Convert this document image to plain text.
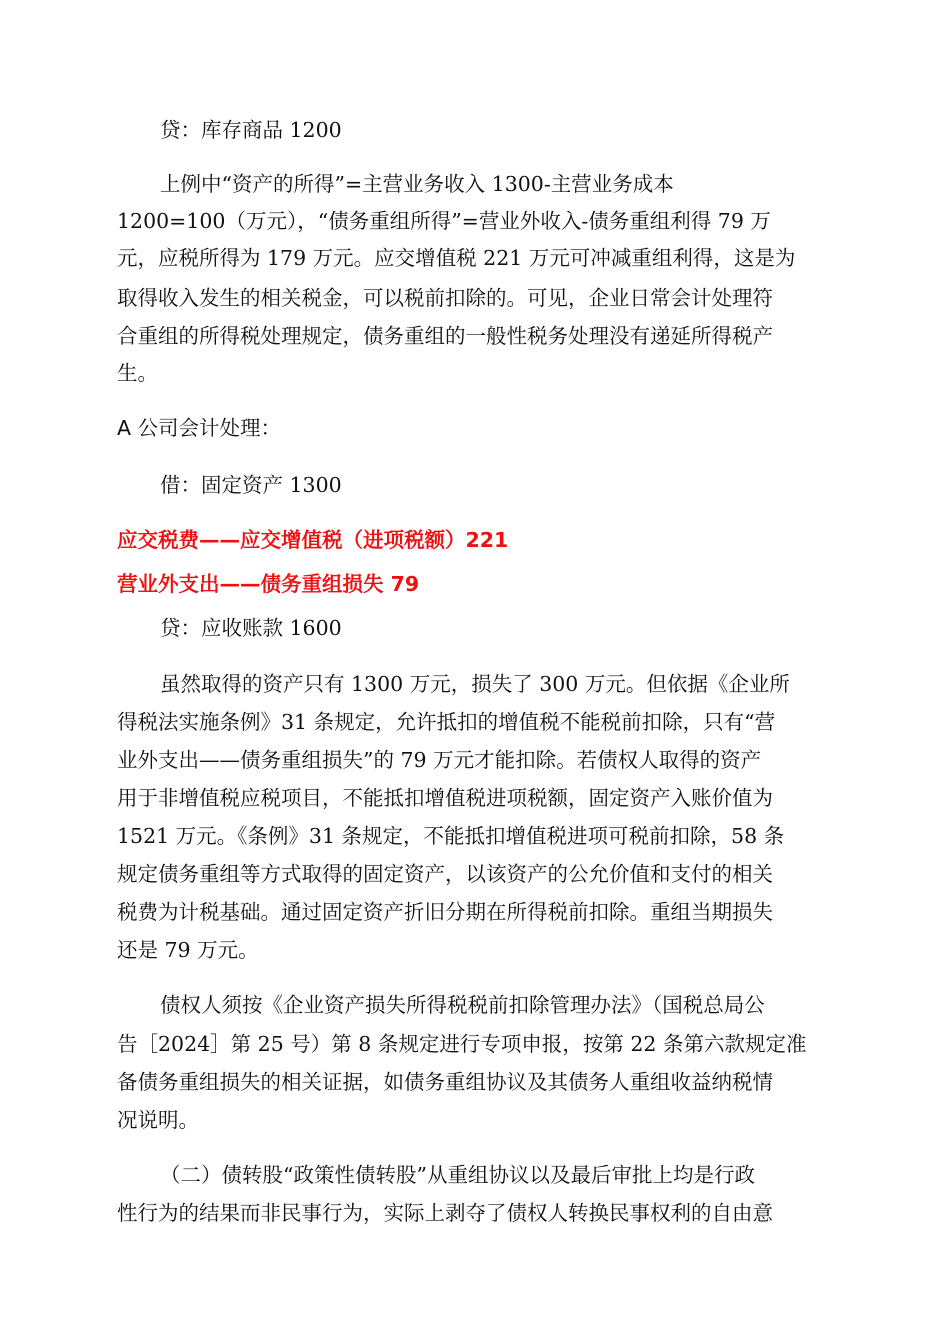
贷：库存商品 1200
上例中“资产的所得”=主营业务收入 1300-主营业务成本
1200=100（万元），“债务重组所得”=营业外收入-债务重组利得 79 万
元，应税所得为 179 万元。应交增值税 221 万元可冲减重组利得，这是为
取得收入发生的相关税金，可以税前扣除的。可见，企业日常会计处理符
合重组的所得税处理规定，债务重组的一般性税务处理没有递延所得税产
生。
A 公司会计处理：
借：固定资产 1300
应交税费——应交增值税（进项税额）221
营业外支出——债务重组损失 79
贷：应收账款 1600
虽然取得的资产只有 1300 万元，损失了 300 万元。但依据《企业所
得税法实施条例》31 条规定，允许抵扣的增值税不能税前扣除，只有“营
业外支出——债务重组损失”的 79 万元才能扣除。若债权人取得的资产
用于非增值税应税项目，不能抵扣增值税进项税额，固定资产入账价值为
1521 万元。《条例》31 条规定，不能抵扣增值税进项可税前扣除，58 条
规定债务重组等方式取得的固定资产，以该资产的公允价值和支付的相关
税费为计税基础。通过固定资产折旧分期在所得税前扣除。重组当期损失
还是 79 万元。
债权人须按《企业资产损失所得税税前扣除管理办法》（国税总局公
告［2024］第 25 号）第 8 条规定进行专项申报，按第 22 条第六款规定准
备债务重组损失的相关证据，如债务重组协议及其债务人重组收益纳税情
况说明。
（二）债转股“政策性债转股”从重组协议以及最后审批上均是行政
性行为的结果而非民事行为，实际上剥夺了债权人转换民事权利的自由意
